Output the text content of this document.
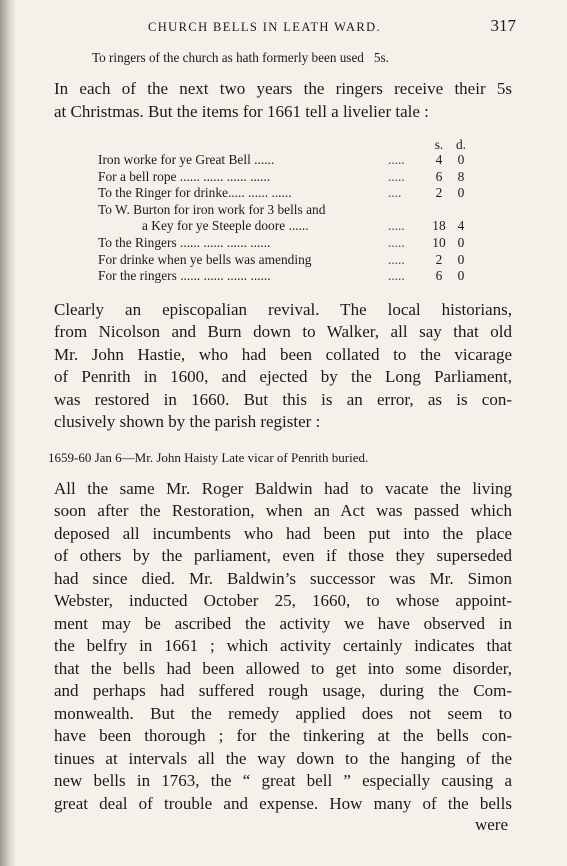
CHURCH BELLS IN LEATH WARD.	317
To ringers of the church as hath formerly been used 5s.

In each of the next two years the ringers receive their 5s

at Christmas. But the items for 1661 tell a livelier tale :

s. d.
Iron worke for ye Great Bell ......	.....	4	0
For a bell rope ...... ...... ...... ......	.....	6	8
To the Ringer for drinke..... ...... ......	....	2	0
To W. Burton for iron work for 3 bells and
a Key for ye Steeple doore ......	.....	18 4
To the Ringers ...... ...... ...... ......	.....	10 0
For drinke when ye bells was amending	.....	2	0
For the ringers ...... ...... ...... ......	.....	6	0

Clearly an episcopalian revival. The local historians,

from Nicolson and Burn down to Walker, all say that old

Mr. John Hastie, who had been collated to the vicarage

of Penrith in 1600, and ejected by the Long Parliament,

was restored in 1660. But this is an error, as is con-

clusively shown by the parish register :

1659-60 Jan 6—Mr. John Haisty Late vicar of Penrith buried.

All the same Mr. Roger Baldwin had to vacate the living

soon after the Restoration, when an Act was passed which

deposed all incumbents who had been put into the place

of others by the parliament, even if those they superseded

had since died. Mr. Baldwin’s successor was Mr. Simon

Webster, inducted October 25, 1660, to whose appoint-

ment may be ascribed the activity we have observed in

the belfry in 1661 ; which activity certainly indicates that

that the bells had been allowed to get into some disorder,

and perhaps had suffered rough usage, during the Com-

monwealth. But the remedy applied does not seem to

have been thorough ; for the tinkering at the bells con-

tinues at intervals all the way down to the hanging of the

new bells in 1763, the “ great bell ” especially causing a

great deal of trouble and expense. How many of the bells

were
